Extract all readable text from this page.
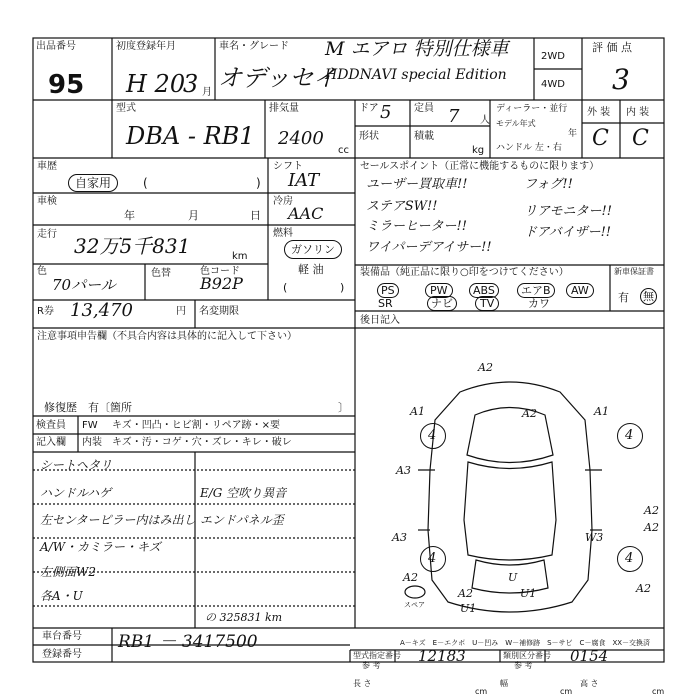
出品番号
95
初度登録年月
H 20
3 月
車名・グレード
オデッセイ
M エアロ 特別仕様車
HDDNAVI special Edition
2WD
4WD
評 価 点
3
外 装 内 装
C C
型式
DBA - RB1
排気量
2400
cc
ドア 5 定員 7 人
形状	積載
kg
ディーラー・並行
モデル年式
年
ハンドル 左・右
車歴
自家用	(	)
車検
年	月	日
走行 32万5千831	km
色
70パール
色替	色コード
B92P
シフト
IAT
冷房
AAC
燃料
ガソリン
軽 油
(	)
R券 13,470	円 名変期限
セールスポイント（正常に機能するものに限ります）
ユーザー買取車!!	フォグ!!
ステアSW!!	リアモニター!!
ミラーヒーター!!	ドアバイザー!!
ワイパーデアイサー!!
装備品（純正品に限り○印をつけてください）
PS	PW	ABS	エアB	AW
SR	ナビ	TV	カワ
新車保証書
有 無
後日記入
注意事項申告欄（不具合内容は具体的に記入して下さい）
修復歴　有〔箇所	〕
検査員
記入欄
FW
内装
キズ・凹凸・ヒビ割・リペア跡・×要
キズ・汚・コゲ・穴・ズレ・キレ・破レ
シートヘタリ
ハンドルハゲ
左センターピラー内はみ出し
A/W・カミラー・キズ
左側面W2
各A・U
E/G 空吹り異音
エンドパネル歪
の 325831 km
A2
A1	A2	A1
A3
A2
A2
W3
A3
A2	U
A2	U1
U1
A2
4	4
4	4
スペア
A－キズ　E－エクボ　U－凹み　W－補修跡　S－サビ　C－腐食　XX－交換済
車台番号 RB1 － 3417500
登録番号	型式指定番号 12183	類別区分番号 0154
参 考	参 考
長 さ
cm
幅
cm
高 さ
cm
